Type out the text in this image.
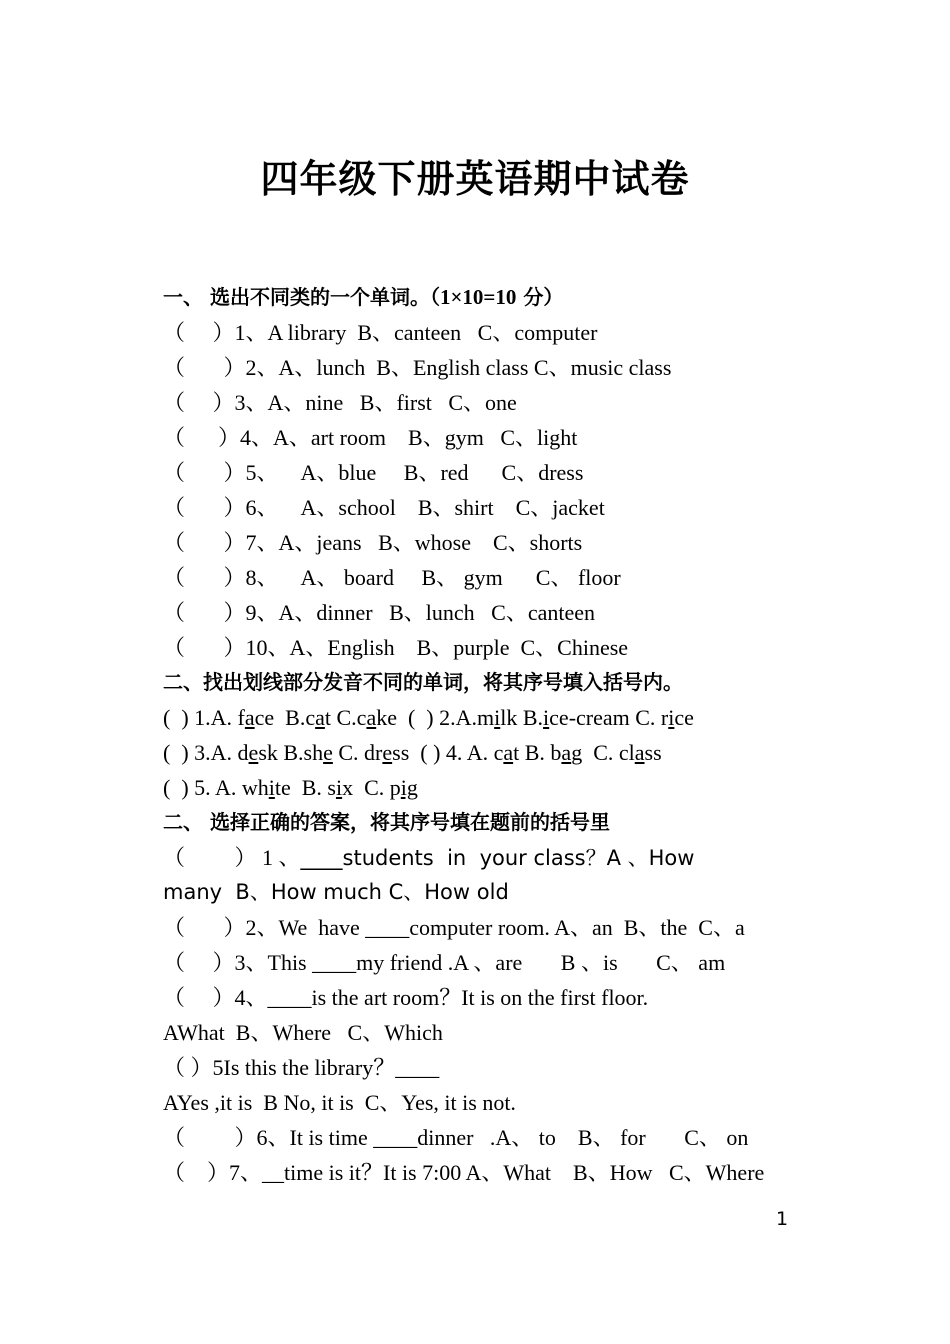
四年级下册英语期中试卷
一、 选出不同类的一个单词。（1×10=10 分）
（     ）1、A library  B、canteen   C、computer
（       ）2、A、lunch  B、English class C、music class
（     ）3、A、nine   B、first   C、one
（      ）4、A、art room    B、gym   C、light
（       ）5、    A、blue     B、red      C、dress
（       ）6、    A、school    B、shirt    C、jacket
（       ）7、A、jeans   B、whose    C、shorts
（       ）8、    A、 board     B、 gym      C、 floor
（       ）9、A、dinner   B、lunch   C、canteen
（       ）10、A、English    B、purple  C、Chinese
二、找出划线部分发音不同的单词，将其序号填入括号内。
(  ) 1.A. face  B.cat C.cake  (  ) 2.A.milk B.ice-cream C. rice
(  ) 3.A. desk B.she C. dress  ( ) 4. A. cat B. bag  C. class
(  ) 5. A. white  B. six  C. pig
二、 选择正确的答案，将其序号填在题前的括号里
（         ） 1 、____students  in  your class？A 、How
many  B、How much C、How old
（       ）2、We  have ____computer room. A、an  B、the  C、a
（     ）3、This ____my friend .A 、are       B 、is       C、 am
（     ）4、____is the art room？It is on the first floor.
AWhat  B、Where   C、Which
（ ）5Is this the library？____
AYes ,it is  B No, it is  C、Yes, it is not.
（         ）6、It is time ____dinner   .A、 to    B、 for       C、 on
（    ）7、__time is it？It is 7:00 A、What    B、How   C、Where
1
